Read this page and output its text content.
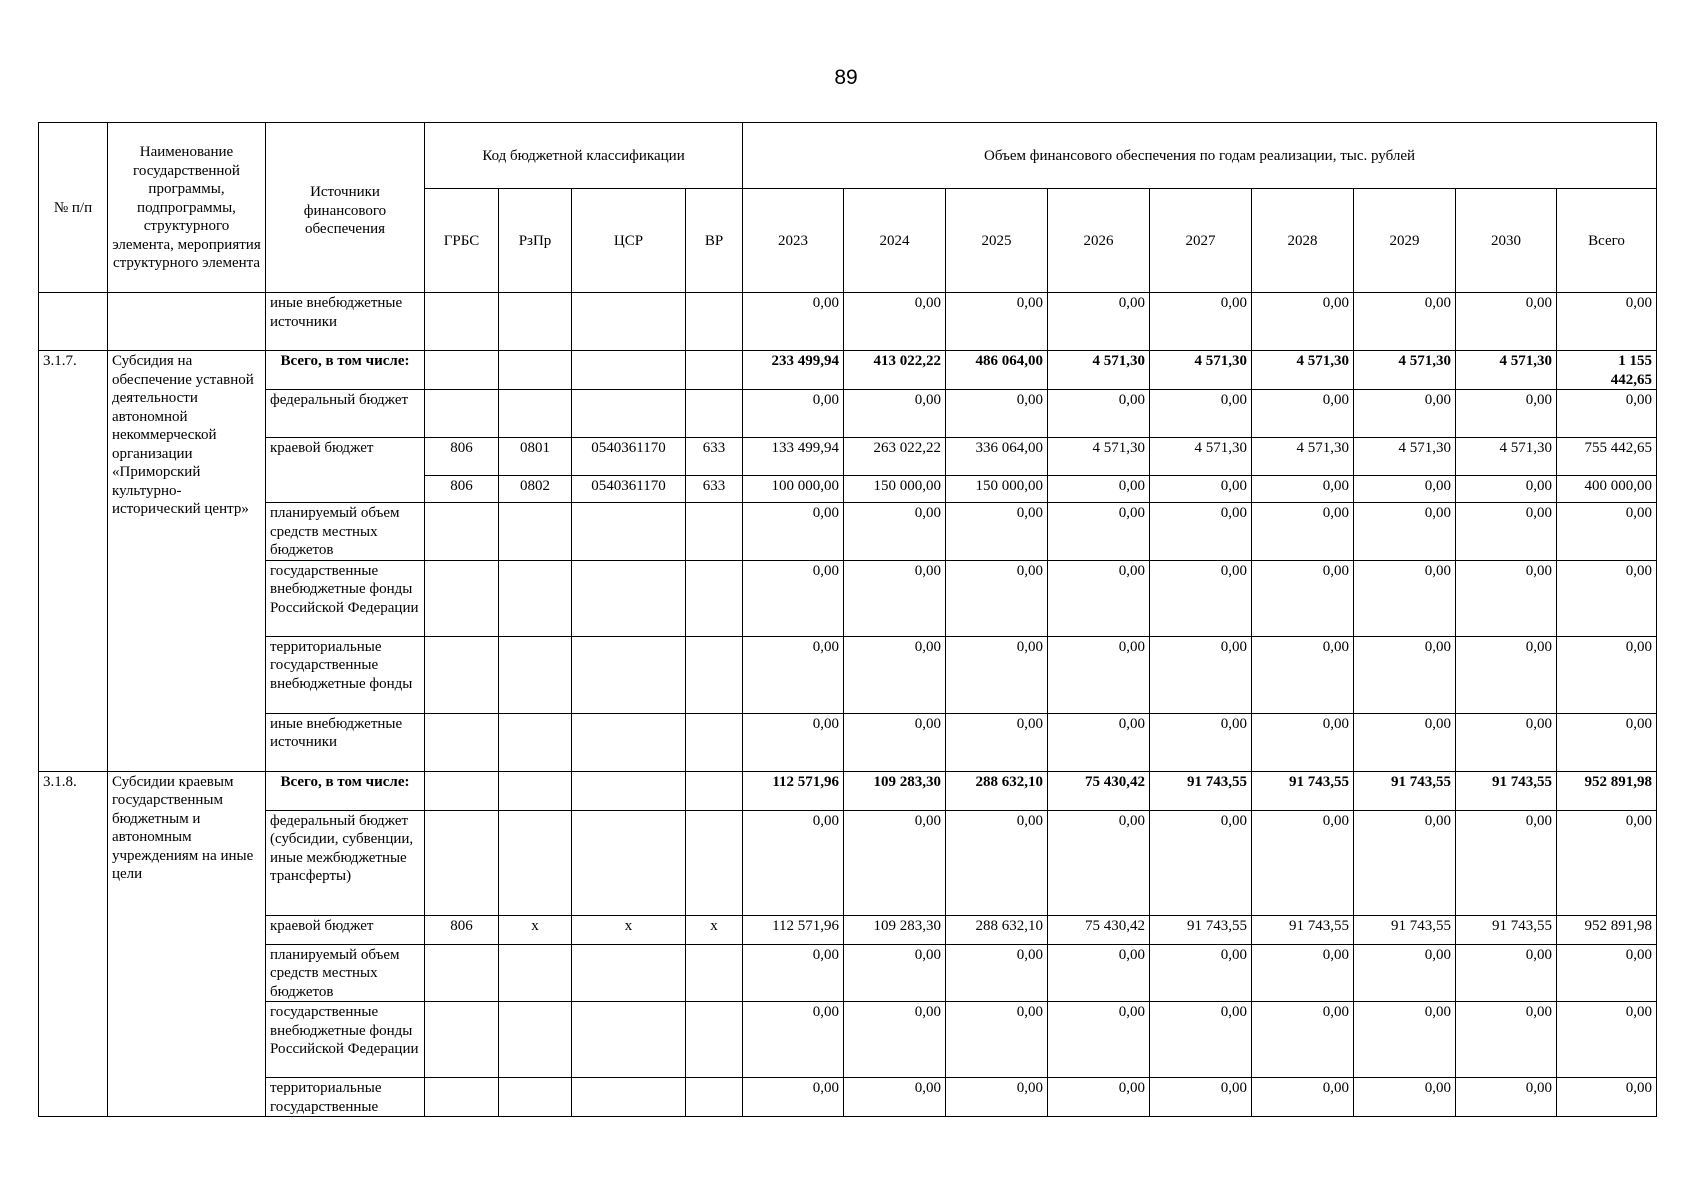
89
№ п/п	Наименование государственной программы, подпрограммы, структурного элемента, мероприятия структурного элемента	Источники финансового обеспечения	Код бюджетной классификации				Объем финансового обеспечения по годам реализации, тыс. рублей								
			ГРБС	РзПр	ЦСР	ВР	2023	2024	2025	2026	2027	2028	2029	2030	Всего
		иные внебюджетные источники					0,00	0,00	0,00	0,00	0,00	0,00	0,00	0,00	0,00
3.1.7.	Субсидия на обеспечение уставной деятельности автономной некоммерческой организации «Приморский культурно-исторический центр»	Всего, в том числе:					233 499,94	413 022,22	486 064,00	4 571,30	4 571,30	4 571,30	4 571,30	4 571,30	1 155 442,65
		федеральный бюджет					0,00	0,00	0,00	0,00	0,00	0,00	0,00	0,00	0,00
		краевой бюджет	806	0801	0540361170	633	133 499,94	263 022,22	336 064,00	4 571,30	4 571,30	4 571,30	4 571,30	4 571,30	755 442,65
			806	0802	0540361170	633	100 000,00	150 000,00	150 000,00	0,00	0,00	0,00	0,00	0,00	400 000,00
		планируемый объем средств местных бюджетов					0,00	0,00	0,00	0,00	0,00	0,00	0,00	0,00	0,00
		государственные внебюджетные фонды Российской Федерации					0,00	0,00	0,00	0,00	0,00	0,00	0,00	0,00	0,00
		территориальные государственные внебюджетные фонды					0,00	0,00	0,00	0,00	0,00	0,00	0,00	0,00	0,00
		иные внебюджетные источники					0,00	0,00	0,00	0,00	0,00	0,00	0,00	0,00	0,00
3.1.8.	Субсидии краевым государственным бюджетным и автономным учреждениям на иные цели	Всего, в том числе:					112 571,96	109 283,30	288 632,10	75 430,42	91 743,55	91 743,55	91 743,55	91 743,55	952 891,98
		федеральный бюджет (субсидии, субвенции, иные межбюджетные трансферты)					0,00	0,00	0,00	0,00	0,00	0,00	0,00	0,00	0,00
		краевой бюджет	806	х	х	х	112 571,96	109 283,30	288 632,10	75 430,42	91 743,55	91 743,55	91 743,55	91 743,55	952 891,98
		планируемый объем средств местных бюджетов					0,00	0,00	0,00	0,00	0,00	0,00	0,00	0,00	0,00
		государственные внебюджетные фонды Российской Федерации					0,00	0,00	0,00	0,00	0,00	0,00	0,00	0,00	0,00
		территориальные государственные					0,00	0,00	0,00	0,00	0,00	0,00	0,00	0,00	0,00
